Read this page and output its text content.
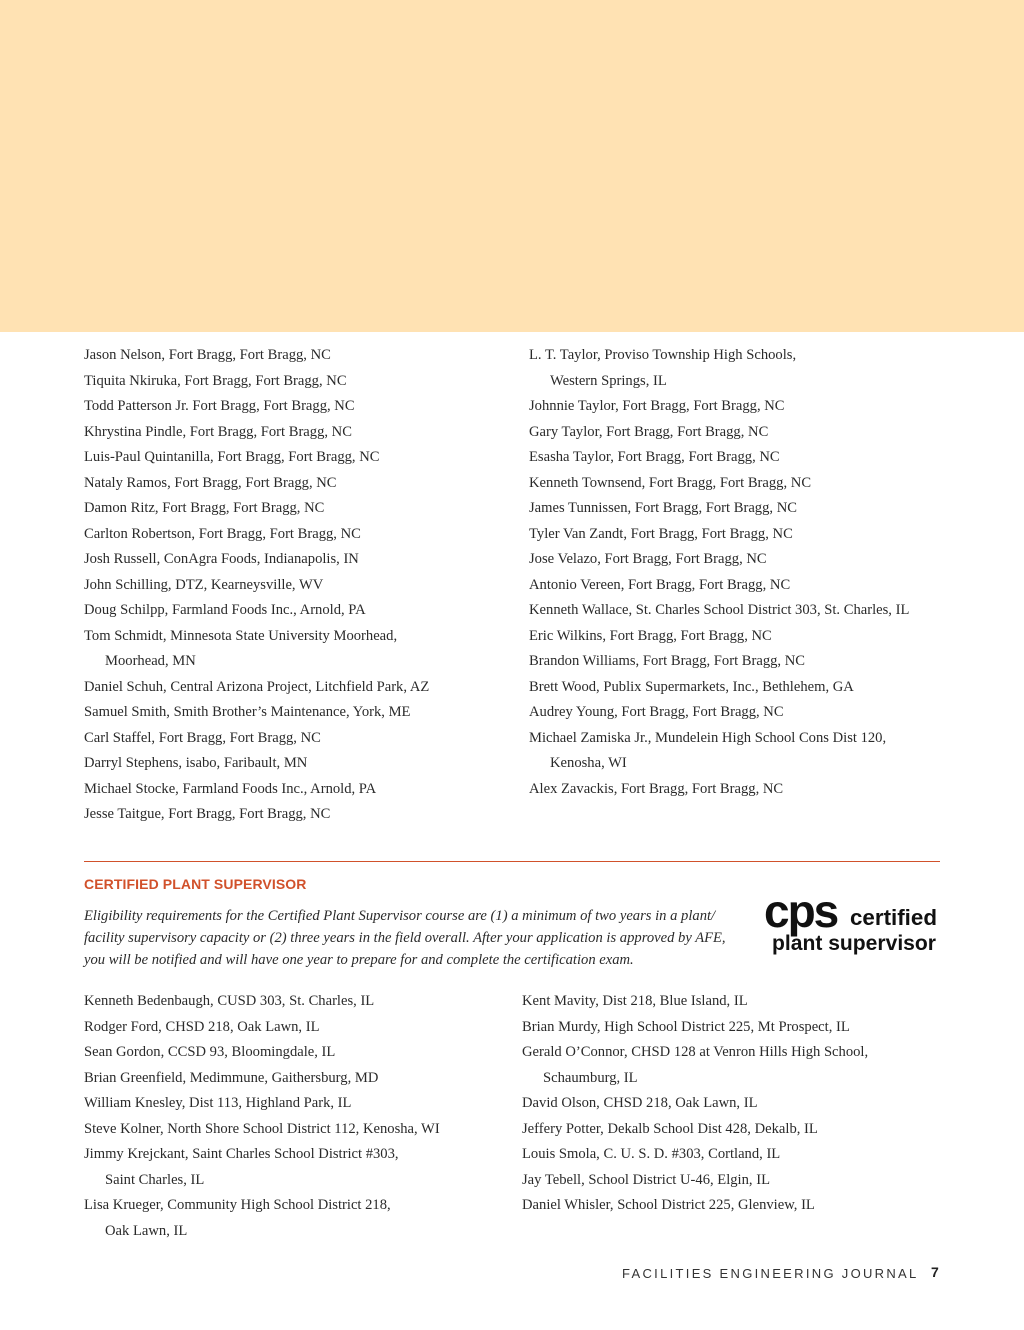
Jason Nelson, Fort Bragg, Fort Bragg, NC
Tiquita Nkiruka, Fort Bragg, Fort Bragg, NC
Todd Patterson Jr. Fort Bragg, Fort Bragg, NC
Khrystina Pindle, Fort Bragg, Fort Bragg, NC
Luis-Paul Quintanilla, Fort Bragg, Fort Bragg, NC
Nataly Ramos, Fort Bragg, Fort Bragg, NC
Damon Ritz, Fort Bragg, Fort Bragg, NC
Carlton Robertson, Fort Bragg, Fort Bragg, NC
Josh Russell, ConAgra Foods, Indianapolis, IN
John Schilling, DTZ, Kearneysville, WV
Doug Schilpp, Farmland Foods Inc., Arnold, PA
Tom Schmidt, Minnesota State University Moorhead,
Moorhead, MN
Daniel Schuh, Central Arizona Project, Litchfield Park, AZ
Samuel Smith, Smith Brother’s Maintenance, York, ME
Carl Staffel, Fort Bragg, Fort Bragg, NC
Darryl Stephens, isabo, Faribault, MN
Michael Stocke, Farmland Foods Inc., Arnold, PA
Jesse Taitgue, Fort Bragg, Fort Bragg, NC
L. T. Taylor, Proviso Township High Schools,
Western Springs, IL
Johnnie Taylor, Fort Bragg, Fort Bragg, NC
Gary Taylor, Fort Bragg, Fort Bragg, NC
Esasha Taylor, Fort Bragg, Fort Bragg, NC
Kenneth Townsend, Fort Bragg, Fort Bragg, NC
James Tunnissen, Fort Bragg, Fort Bragg, NC
Tyler Van Zandt, Fort Bragg, Fort Bragg, NC
Jose Velazo, Fort Bragg, Fort Bragg, NC
Antonio Vereen, Fort Bragg, Fort Bragg, NC
Kenneth Wallace, St. Charles School District 303, St. Charles, IL
Eric Wilkins, Fort Bragg, Fort Bragg, NC
Brandon Williams, Fort Bragg, Fort Bragg, NC
Brett Wood, Publix Supermarkets, Inc., Bethlehem, GA
Audrey Young, Fort Bragg, Fort Bragg, NC
Michael Zamiska Jr., Mundelein High School Cons Dist 120,
Kenosha, WI
Alex Zavackis, Fort Bragg, Fort Bragg, NC
CERTIFIED PLANT SUPERVISOR
Eligibility requirements for the Certified Plant Supervisor course are (1) a minimum of two years in a plant/
facility supervisory capacity or (2) three years in the field overall. After your application is approved by AFE,
you will be notified and will have one year to prepare for and complete the certification exam.
cps certified
plant supervisor
Kenneth Bedenbaugh, CUSD 303, St. Charles, IL
Rodger Ford, CHSD 218, Oak Lawn, IL
Sean Gordon, CCSD 93, Bloomingdale, IL
Brian Greenfield, Medimmune, Gaithersburg, MD
William Knesley, Dist 113, Highland Park, IL
Steve Kolner, North Shore School District 112, Kenosha, WI
Jimmy Krejckant, Saint Charles School District #303,
Saint Charles, IL
Lisa Krueger, Community High School District 218,
Oak Lawn, IL
Kent Mavity, Dist 218, Blue Island, IL
Brian Murdy, High School District 225, Mt Prospect, IL
Gerald O’Connor, CHSD 128 at Venron Hills High School,
Schaumburg, IL
David Olson, CHSD 218, Oak Lawn, IL
Jeffery Potter, Dekalb School Dist 428, Dekalb, IL
Louis Smola, C. U. S. D. #303, Cortland, IL
Jay Tebell, School District U-46, Elgin, IL
Daniel Whisler, School District 225, Glenview, IL
FACILITIES ENGINEERING JOURNAL 7
